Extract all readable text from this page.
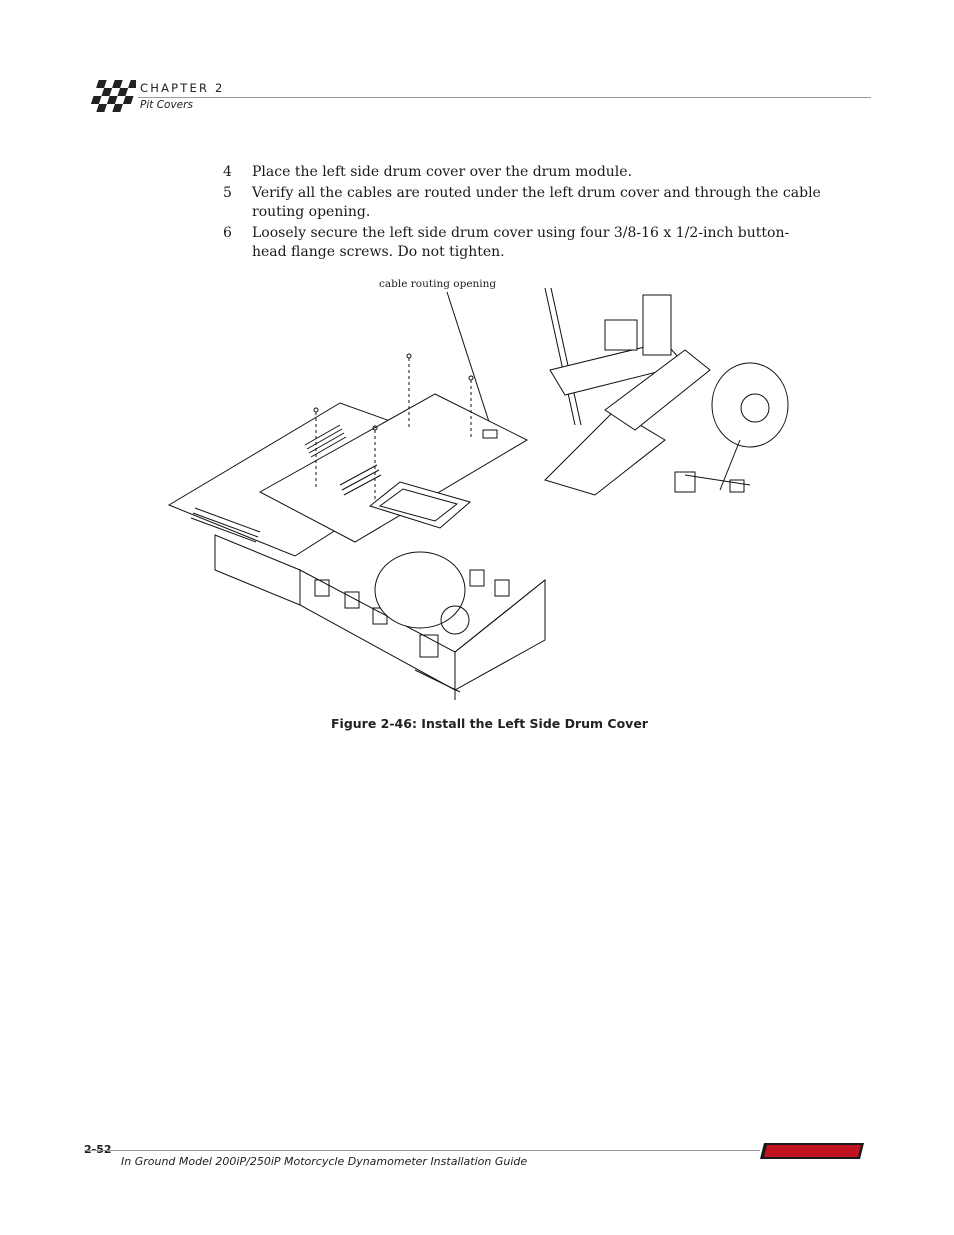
CHAPTER 2
Pit Covers
4 Place the left side drum cover over the drum module.
5 Verify all the cables are routed under the left drum cover and through the cable routing opening.
6 Loosely secure the left side drum cover using four 3/8-16 x 1/2-inch button-head flange screws. Do not tighten.
cable routing opening
Figure 2-46: Install the Left Side Drum Cover
2-52
In Ground Model 200iP/250iP Motorcycle Dynamometer Installation Guide
